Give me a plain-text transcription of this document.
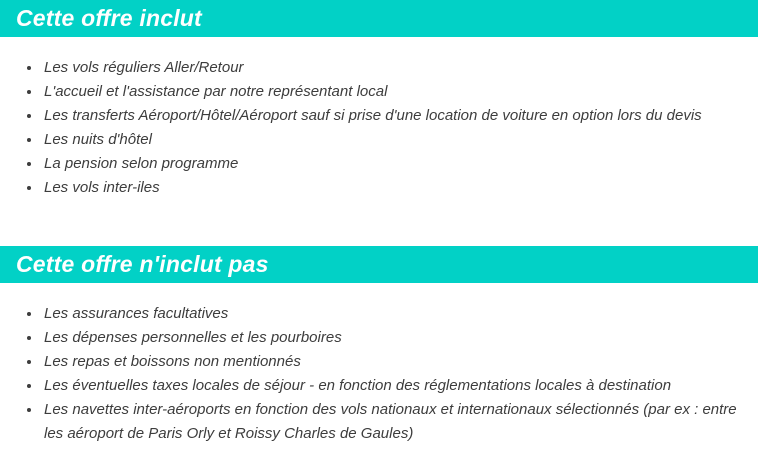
Cette offre inclut
• Les vols réguliers Aller/Retour
• L'accueil et l'assistance par notre représentant local
• Les transferts Aéroport/Hôtel/Aéroport sauf si prise d'une location de voiture en option lors du devis
• Les nuits d'hôtel
• La pension selon programme
• Les vols inter-iles
Cette offre n'inclut pas
• Les assurances facultatives
• Les dépenses personnelles et les pourboires
• Les repas et boissons non mentionnés
• Les éventuelles taxes locales de séjour - en fonction des réglementations locales à destination
• Les navettes inter-aéroports en fonction des vols nationaux et internationaux sélectionnés (par ex : entre les aéroport de Paris Orly et Roissy Charles de Gaules)
